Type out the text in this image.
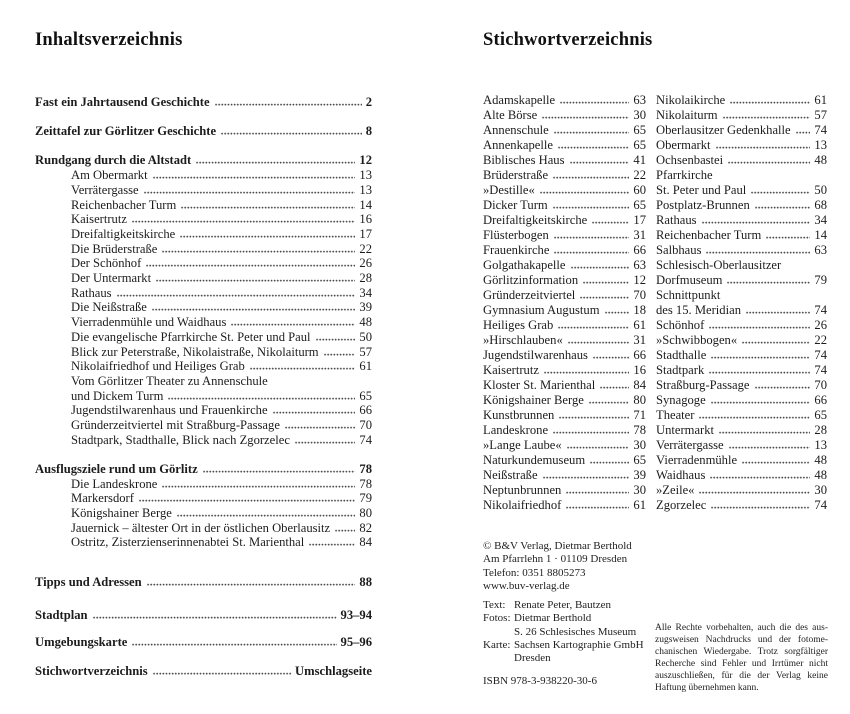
Inhaltsverzeichnis
Fast ein Jahrtausend Geschichte	2
Zeittafel zur Görlitzer Geschichte	8
Rundgang durch die Altstadt	12
Am Obermarkt	13
Verrätergasse	13
Reichenbacher Turm	14
Kaisertrutz	16
Dreifaltigkeitskirche	17
Die Brüderstraße	22
Der Schönhof	26
Der Untermarkt	28
Rathaus	34
Die Neißstraße	39
Vierradenmühle und Waidhaus	48
Die evangelische Pfarrkirche St. Peter und Paul	50
Blick zur Peterstraße, Nikolaistraße, Nikolaiturm	57
Nikolaifriedhof und Heiliges Grab	61
Vom Görlitzer Theater zu Annenschule
und Dickem Turm	65
Jugendstilwarenhaus und Frauenkirche	66
Gründerzeitviertel mit Straßburg-Passage	70
Stadtpark, Stadthalle, Blick nach Zgorzelec	74
Ausflugsziele rund um Görlitz	78
Die Landeskrone	78
Markersdorf	79
Königshainer Berge	80
Jauernick – ältester Ort in der östlichen Oberlausitz 82
Ostritz, Zisterzienserinnenabtei St. Marienthal	84
Tipps und Adressen	88
Stadtplan	93–94
Umgebungskarte	95–96
Stichwortverzeichnis	Umschlagseite
Stichwortverzeichnis
Adamskapelle	63
Alte Börse	30
Annenschule	65
Annenkapelle	65
Biblisches Haus	41
Brüderstraße	22
»Destille«	60
Dicker Turm	65
Dreifaltigkeitskirche	17
Flüsterbogen	31
Frauenkirche	66
Golgathakapelle	63
Görlitzinformation	12
Gründerzeitviertel	70
Gymnasium Augustum	18
Heiliges Grab	61
»Hirschlauben«	31
Jugendstilwarenhaus	66
Kaisertrutz	16
Kloster St. Marienthal	84
Königshainer Berge	80
Kunstbrunnen	71
Landeskrone	78
»Lange Laube«	30
Naturkundemuseum	65
Neißstraße	39
Neptunbrunnen	30
Nikolaifriedhof	61
Nikolaikirche	61
Nikolaiturm	57
Oberlausitzer Gedenkhalle 74
Obermarkt	13
Ochsenbastei	48
Pfarrkirche
St. Peter und Paul	50
Postplatz-Brunnen	68
Rathaus	34
Reichenbacher Turm	14
Salbhaus	63
Schlesisch-Oberlausitzer
Dorfmuseum	79
Schnittpunkt
des 15. Meridian	74
Schönhof	26
»Schwibbogen«	22
Stadthalle	74
Stadtpark	74
Straßburg-Passage	70
Synagoge	66
Theater	65
Untermarkt	28
Verrätergasse	13
Vierradenmühle	48
Waidhaus	48
»Zeile«	30
Zgorzelec	74
© B&V Verlag, Dietmar Berthold
Am Pfarrlehn 1 · 01109 Dresden
Telefon: 0351 8805273
www.buv-verlag.de
Text: Renate Peter, Bautzen
Fotos: Dietmar Berthold
S. 26 Schlesisches Museum
Karte: Sachsen Kartographie GmbH
Dresden
ISBN 978-3-938220-30-6
Alle Rechte vorbehalten, auch die des aus-
zugsweisen Nachdrucks und der fotome-
chanischen Wiedergabe. Trotz sorgfältiger
Recherche sind Fehler und Irrtümer nicht
auszuschließen, für die der Verlag keine
Haftung übernehmen kann.
